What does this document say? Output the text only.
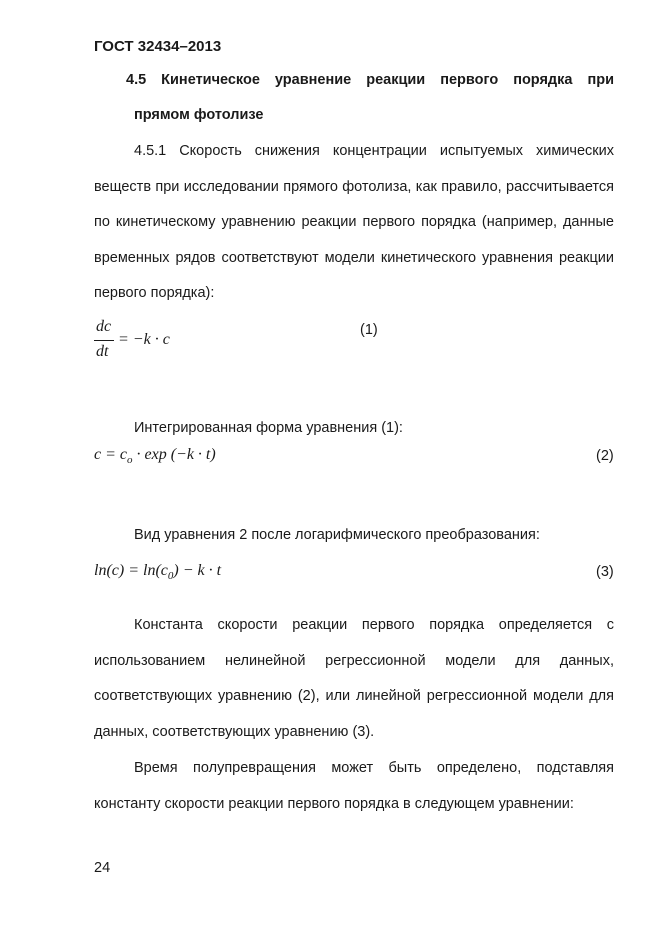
ГОСТ 32434–2013
4.5 Кинетическое уравнение реакции первого порядка при
прямом фотолизе
4.5.1 Скорость снижения концентрации испытуемых химических веществ при исследовании прямого фотолиза, как правило, рассчитывается по кинетическому уравнению реакции первого порядка (например, данные временных рядов соответствуют модели кинетического уравнения реакции первого порядка):
dc
dt
= −k · c
(1)
Интегрированная форма уравнения (1):
$c = c_o \cdot \exp (-k \cdot t)$	(2)
Вид уравнения 2 после логарифмического преобразования:
$\ln(c) = \ln(c_0) - k \cdot t$	(3)
Константа скорости реакции первого порядка определяется с использованием нелинейной регрессионной модели для данных, соответствующих уравнению (2), или линейной регрессионной модели для данных, соответствующих уравнению (3).
Время полупревращения может быть определено, подставляя константу скорости реакции первого порядка в следующем уравнении:
24
